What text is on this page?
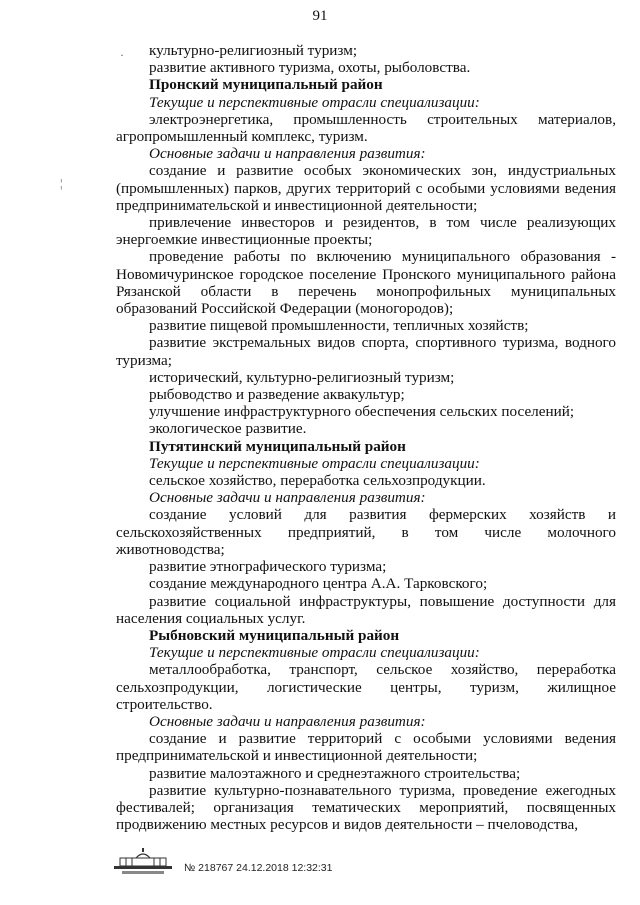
91
·
¦

культурно-религиозный туризм;

развитие активного туризма, охоты, рыболовства.

Пронский муниципальный район

Текущие и перспективные отрасли специализации:

электроэнергетика, промышленность строительных материалов, агропромышленный комплекс, туризм.

Основные задачи и направления развития:

создание и развитие особых экономических зон, индустриальных (промышленных) парков, других территорий с особыми условиями ведения предпринимательской и инвестиционной деятельности;

привлечение инвесторов и резидентов, в том числе реализующих энергоемкие инвестиционные проекты;

проведение работы по включению муниципального образования - Новомичуринское городское поселение Пронского муниципального района Рязанской области в перечень монопрофильных муниципальных образований Российской Федерации (моногородов);

развитие пищевой промышленности, тепличных хозяйств;

развитие экстремальных видов спорта, спортивного туризма, водного туризма;

исторический, культурно-религиозный туризм;

рыбоводство и разведение аквакультур;

улучшение инфраструктурного обеспечения сельских поселений;

экологическое развитие.

Путятинский муниципальный район

Текущие и перспективные отрасли специализации:

сельское хозяйство, переработка сельхозпродукции.

Основные задачи и направления развития:

создание условий для развития фермерских хозяйств и сельскохозяйственных предприятий, в том числе молочного животноводства;

развитие этнографического туризма;

создание международного центра А.А. Тарковского;

развитие социальной инфраструктуры, повышение доступности для населения социальных услуг.

Рыбновский муниципальный район

Текущие и перспективные отрасли специализации:

металлообработка, транспорт, сельское хозяйство, переработка сельхозпродукции, логистические центры, туризм, жилищное строительство.

Основные задачи и направления развития:

создание и развитие территорий с особыми условиями ведения предпринимательской и инвестиционной деятельности;

развитие малоэтажного и среднеэтажного строительства;

развитие культурно-познавательного туризма, проведение ежегодных фестивалей; организация тематических мероприятий, посвященных продвижению местных ресурсов и видов деятельности – пчеловодства,

№ 218767 24.12.2018 12:32:31
